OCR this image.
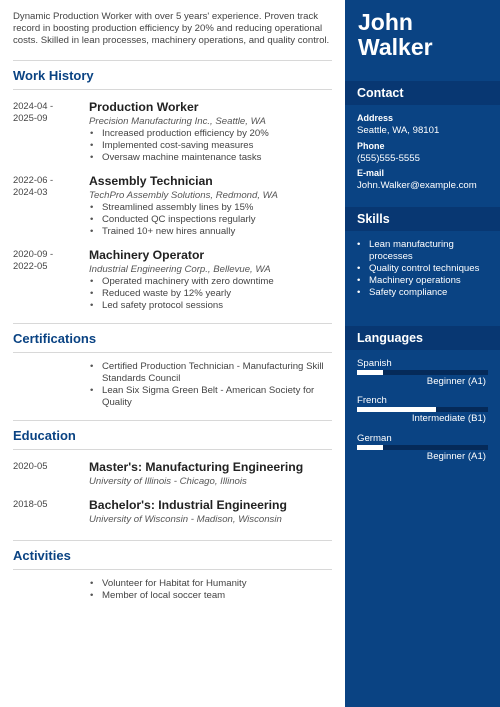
Dynamic Production Worker with over 5 years' experience. Proven track record in boosting production efficiency by 20% and reducing operational costs. Skilled in lean processes, machinery operations, and quality control.

Work History
2024-04 -
2025-09
Production Worker
Precision Manufacturing Inc., Seattle, WA
• Increased production efficiency by 20%
• Implemented cost-saving measures
• Oversaw machine maintenance tasks
2022-06 -
2024-03
Assembly Technician
TechPro Assembly Solutions, Redmond, WA
• Streamlined assembly lines by 15%
• Conducted QC inspections regularly
• Trained 10+ new hires annually
2020-09 -
2022-05
Machinery Operator
Industrial Engineering Corp., Bellevue, WA
• Operated machinery with zero downtime
• Reduced waste by 12% yearly
• Led safety protocol sessions
Certifications
• Certified Production Technician - Manufacturing Skill Standards Council
• Lean Six Sigma Green Belt - American Society for Quality
Education
2020-05	Master's: Manufacturing Engineering
University of Illinois - Chicago, Illinois
2018-05	Bachelor's: Industrial Engineering
University of Wisconsin - Madison, Wisconsin
Activities
• Volunteer for Habitat for Humanity
• Member of local soccer team
John
Walker
Contact
Address
Seattle, WA, 98101
Phone
(555)555-5555
E-mail
John.Walker@example.com
Skills
• Lean manufacturing processes
• Quality control techniques
• Machinery operations
• Safety compliance
Languages
Spanish
Beginner (A1)
French
Intermediate (B1)
German
Beginner (A1)
